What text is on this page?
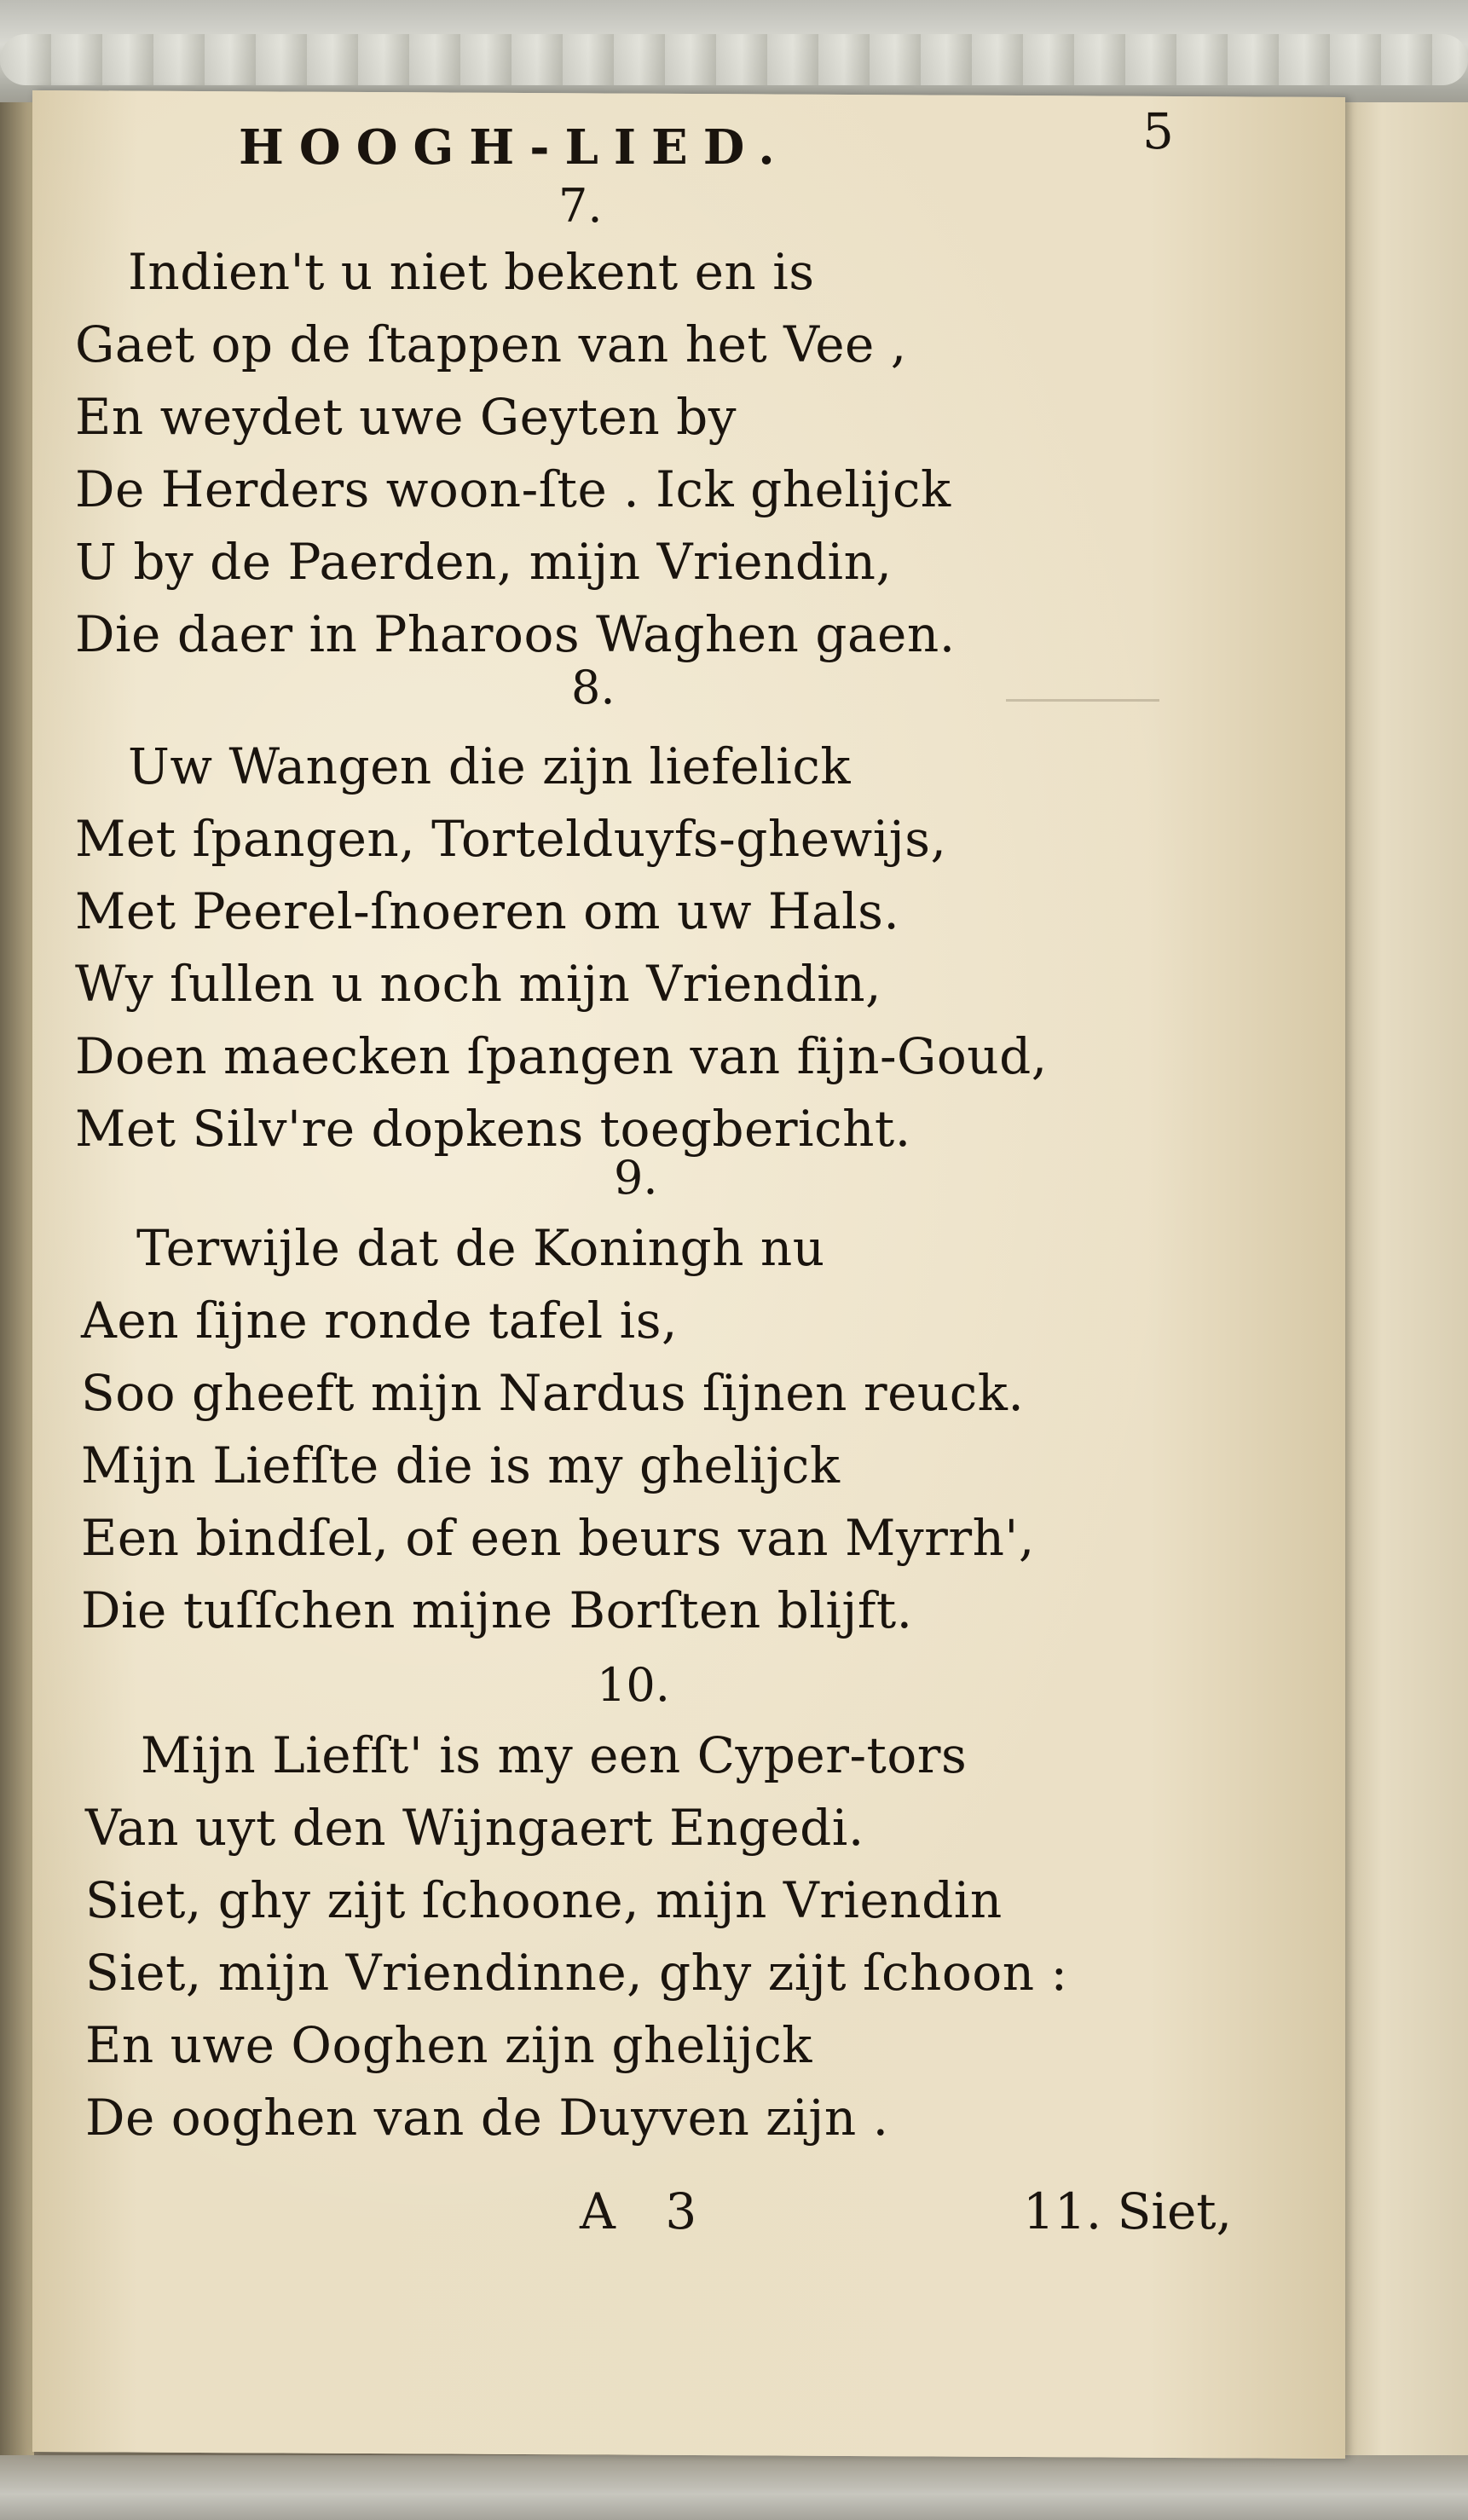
HOOGH-LIED.	5
7.
Indien't u niet bekent en is
Gaet op de ſtappen van het Vee ,
En weydet uwe Geyten by
De Herders woon-ſte . Ick ghelijck
U by de Paerden, mijn Vriendin,
Die daer in Pharoos Waghen gaen.
8.
Uw Wangen die zijn liefelick
Met ſpangen, Tortelduyfs-ghewijs,
Met Peerel-ſnoeren om uw Hals.
Wy ſullen u noch mijn Vriendin,
Doen maecken ſpangen van fijn-Goud,
Met Silv're dopkens toegbericht.
9.
Terwijle dat de Koningh nu
Aen ſijne ronde tafel is,
Soo gheeft mijn Nardus ſijnen reuck.
Mijn Liefſte die is my ghelijck
Een bindſel, of een beurs van Myrrh',
Die tuſſchen mijne Borſten blijft.
10.
Mijn Liefſt' is my een Cyper-tors
Van uyt den Wijngaert Engedi.
Siet, ghy zijt ſchoone, mijn Vriendin
Siet, mijn Vriendinne, ghy zijt ſchoon :
En uwe Ooghen zijn ghelijck
De ooghen van de Duyven zijn .
A 3	11. Siet,
